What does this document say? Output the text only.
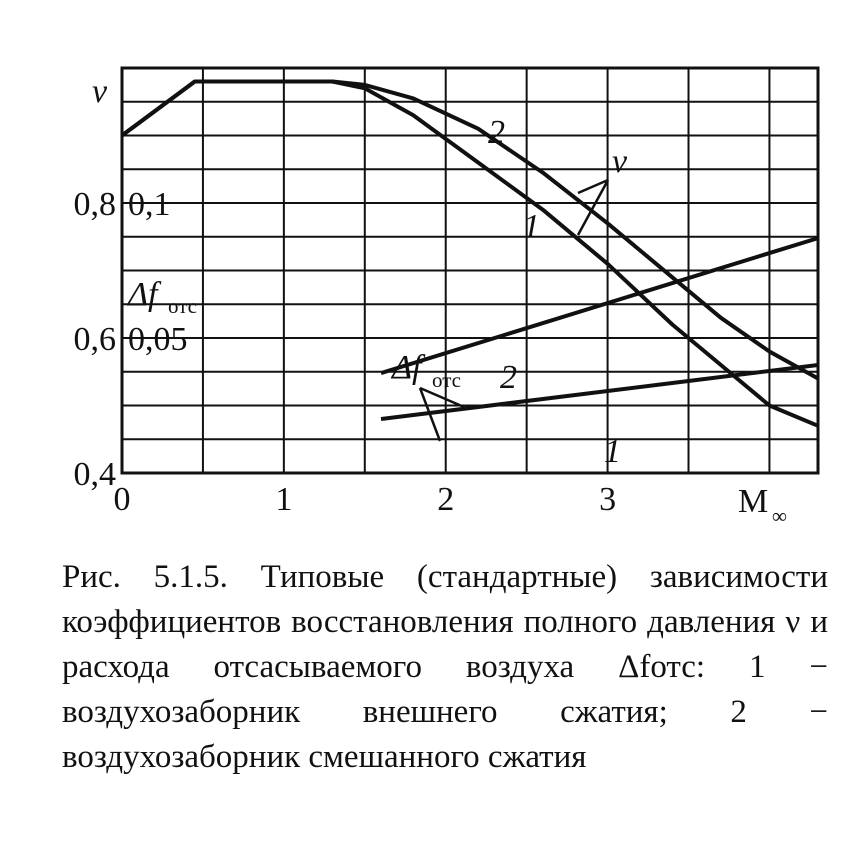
0	1	2	3
0,4
0,6
0,8
0,05
0,1
ν
Δf отс
M ∞
2
1
ν
Δf отс 2
1

Рис. 5.1.5. Типовые (стандартные) зависимости коэффициентов восстановления полного давления ν и расхода отсасываемого воздуха Δfотс: 1 − воздухозаборник внешнего сжатия; 2 − воздухозаборник смешанного сжатия
